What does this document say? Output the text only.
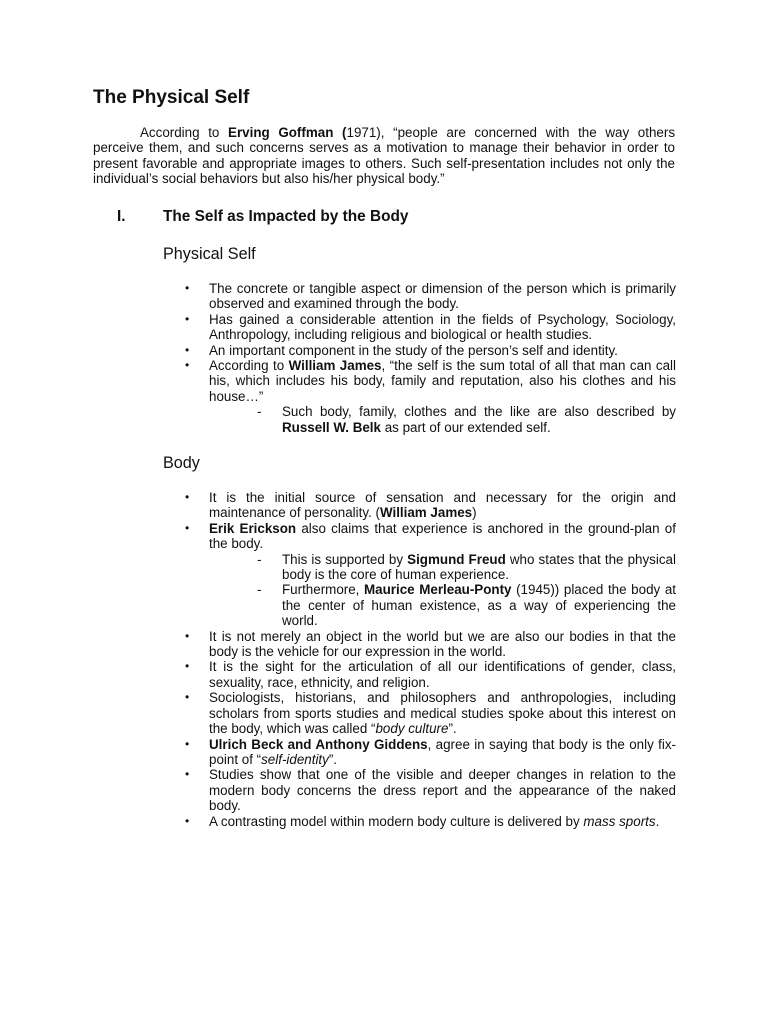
The Physical Self

According to Erving Goffman (1971), “people are concerned with the way others perceive them, and such concerns serves as a motivation to manage their behavior in order to present favorable and appropriate images to others. Such self-presentation includes not only the individual’s social behaviors but also his/her physical body.”

I. The Self as Impacted by the Body
Physical Self
• The concrete or tangible aspect or dimension of the person which is primarily observed and examined through the body.
• Has gained a considerable attention in the fields of Psychology, Sociology, Anthropology, including religious and biological or health studies.
• An important component in the study of the person’s self and identity.
• According to William James, “the self is the sum total of all that man can call his, which includes his body, family and reputation, also his clothes and his house…”
- Such body, family, clothes and the like are also described by Russell W. Belk as part of our extended self.
Body
• It is the initial source of sensation and necessary for the origin and maintenance of personality. (William James)
• Erik Erickson also claims that experience is anchored in the ground-plan of the body.
- This is supported by Sigmund Freud who states that the physical body is the core of human experience.
- Furthermore, Maurice Merleau-Ponty (1945)) placed the body at the center of human existence, as a way of experiencing the world.
• It is not merely an object in the world but we are also our bodies in that the body is the vehicle for our expression in the world.
• It is the sight for the articulation of all our identifications of gender, class, sexuality, race, ethnicity, and religion.
• Sociologists, historians, and philosophers and anthropologies, including scholars from sports studies and medical studies spoke about this interest on the body, which was called “body culture”.
• Ulrich Beck and Anthony Giddens, agree in saying that body is the only fix-point of “self-identity”.
• Studies show that one of the visible and deeper changes in relation to the modern body concerns the dress report and the appearance of the naked body.
• A contrasting model within modern body culture is delivered by mass sports.
